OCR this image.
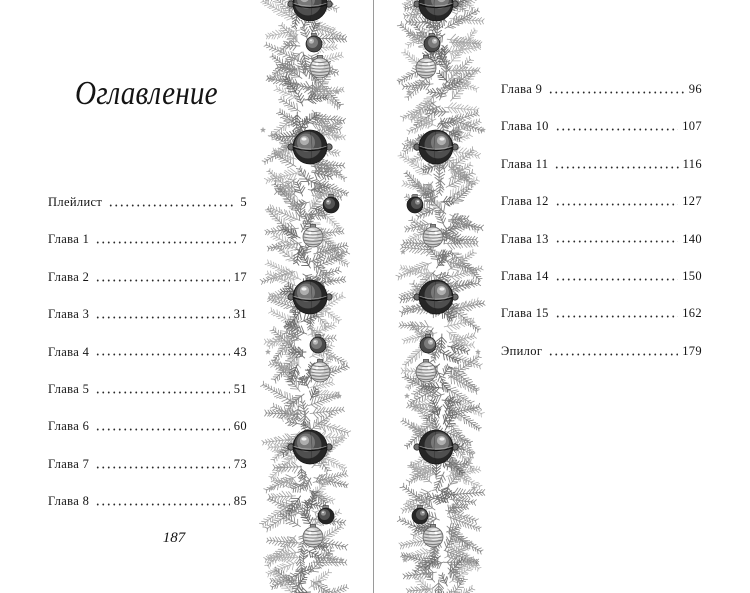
Оглавление
Плейлист	5
Глава 1	7
Глава 2	17
Глава 3	31
Глава 4	43
Глава 5	51
Глава 6	60
Глава 7	73
Глава 8	85
187
Глава 9	96
Глава 10	107
Глава 11	116
Глава 12	127
Глава 13	140
Глава 14	150
Глава 15	162
Эпилог	179
